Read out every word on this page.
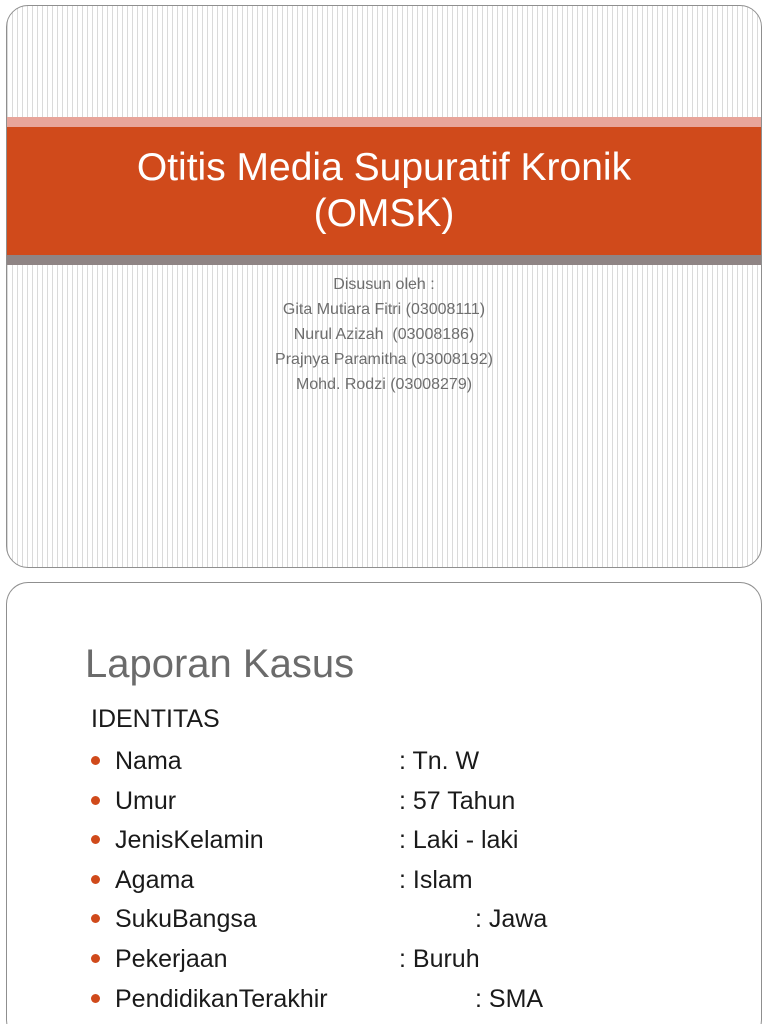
Otitis Media Supuratif Kronik
(OMSK)
Disusun oleh :
Gita Mutiara Fitri (03008111)
Nurul Azizah  (03008186)
Prajnya Paramitha (03008192)
Mohd. Rodzi (03008279)
Laporan Kasus
IDENTITAS
Nama	: Tn. W
Umur	: 57 Tahun
JenisKelamin	: Laki - laki
Agama	: Islam
SukuBangsa	: Jawa
Pekerjaan	: Buruh
PendidikanTerakhir	: SMA
